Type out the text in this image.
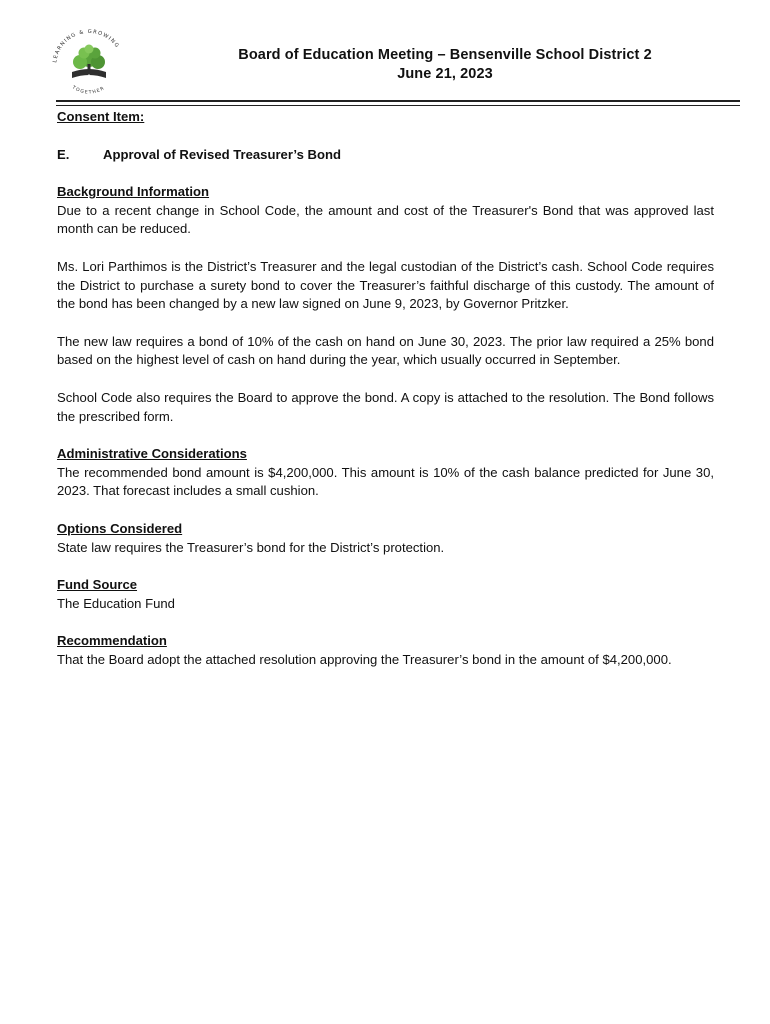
LEARNING & GROWING
TOGETHER
Board of Education Meeting – Bensenville School District 2
June 21, 2023

Consent Item:

E.	Approval of Revised Treasurer’s Bond

Background Information

Due to a recent change in School Code, the amount and cost of the Treasurer's Bond that was approved last month can be reduced.

Ms. Lori Parthimos is the District’s Treasurer and the legal custodian of the District’s cash. School Code requires the District to purchase a surety bond to cover the Treasurer’s faithful discharge of this custody. The amount of the bond has been changed by a new law signed on June 9, 2023, by Governor Pritzker.

The new law requires a bond of 10% of the cash on hand on June 30, 2023. The prior law required a 25% bond based on the highest level of cash on hand during the year, which usually occurred in September.

School Code also requires the Board to approve the bond. A copy is attached to the resolution. The Bond follows the prescribed form.

Administrative Considerations

The recommended bond amount is $4,200,000. This amount is 10% of the cash balance predicted for June 30, 2023. That forecast includes a small cushion.

Options Considered

State law requires the Treasurer’s bond for the District’s protection.

Fund Source

The Education Fund

Recommendation

That the Board adopt the attached resolution approving the Treasurer’s bond in the amount of $4,200,000.
